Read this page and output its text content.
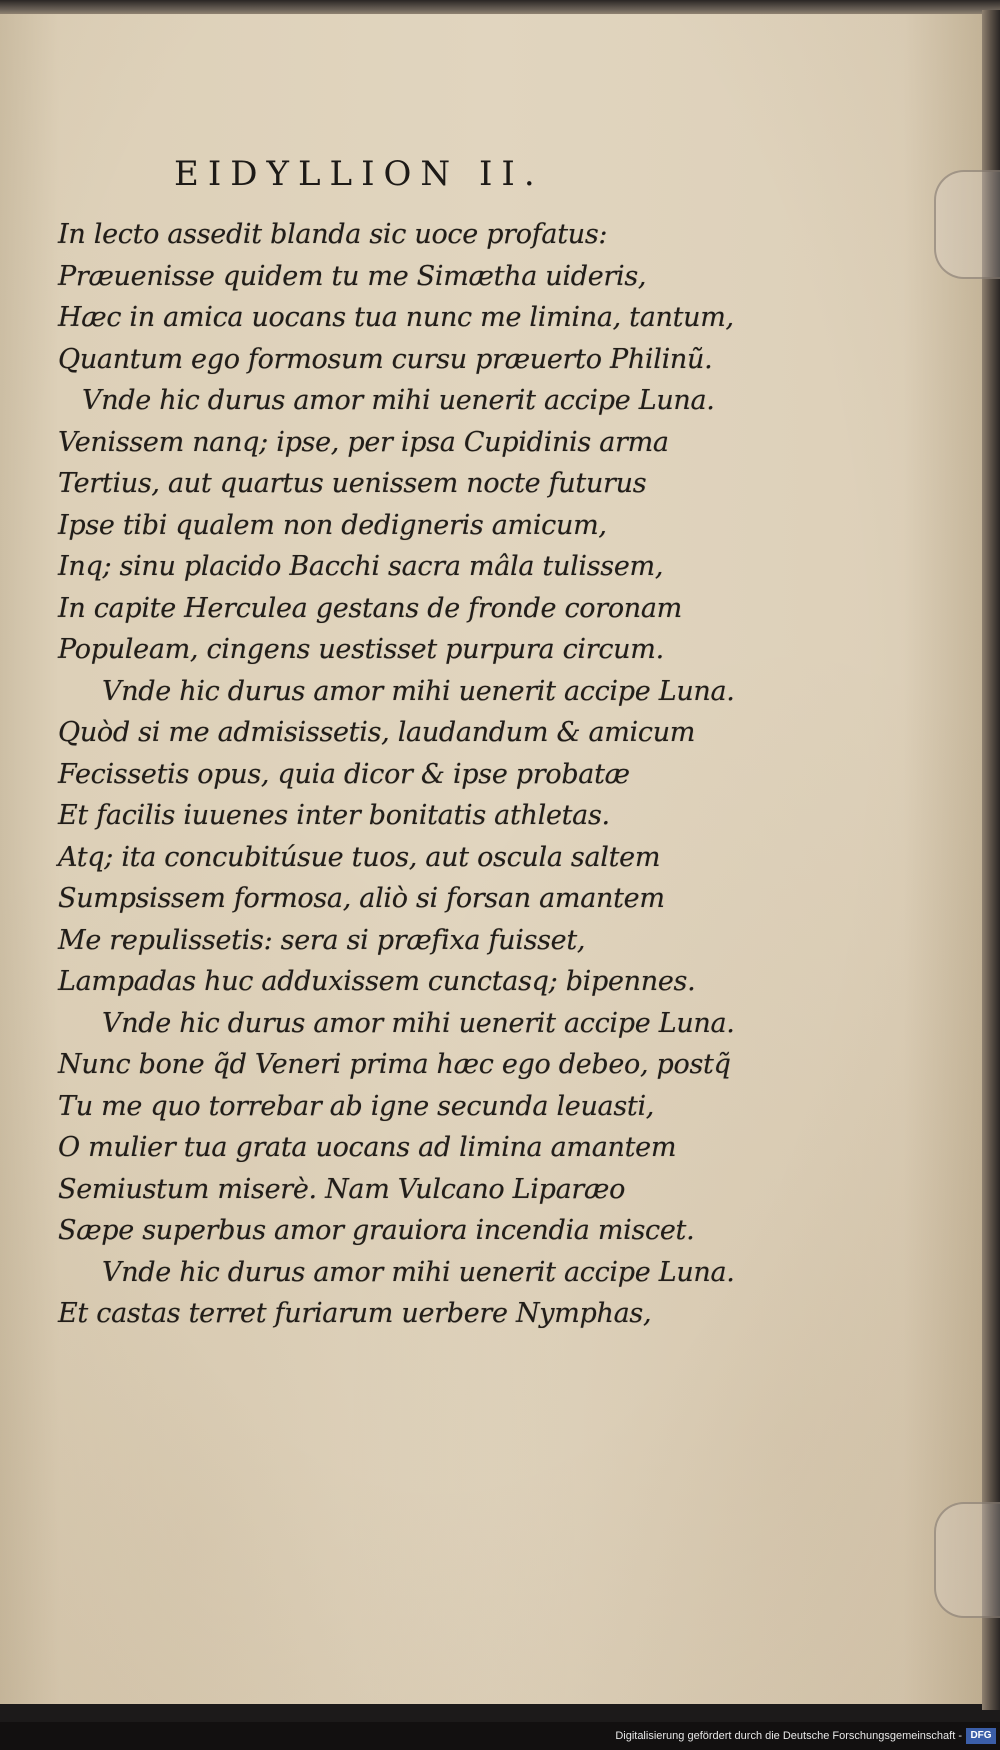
EIDYLLION II.
In lecto assedit blanda sic uoce profatus:
Præuenisse quidem tu me Simætha uideris,
Hæc in amica uocans tua nunc me limina, tantum,
Quantum ego formosum cursu præuerto Philinũ.
Vnde hic durus amor mihi uenerit accipe Luna.
Venissem nanq; ipse, per ipsa Cupidinis arma
Tertius, aut quartus uenissem nocte futurus
Ipse tibi qualem non dedigneris amicum,
Inq; sinu placido Bacchi sacra mâla tulissem,
In capite Herculea gestans de fronde coronam
Populeam, cingens uestisset purpura circum.
Vnde hic durus amor mihi uenerit accipe Luna.
Quòd si me admisissetis, laudandum & amicum
Fecissetis opus, quia dicor & ipse probatæ
Et facilis iuuenes inter bonitatis athletas.
Atq; ita concubitúsue tuos, aut oscula saltem
Sumpsissem formosa, aliò si forsan amantem
Me repulissetis: sera si præfixa fuisset,
Lampadas huc adduxissem cunctasq; bipennes.
Vnde hic durus amor mihi uenerit accipe Luna.
Nunc bone q̃d Veneri prima hæc ego debeo, postq̃
Tu me quo torrebar ab igne secunda leuasti,
O mulier tua grata uocans ad limina amantem
Semiustum miserè. Nam Vulcano Liparæo
Sæpe superbus amor grauiora incendia miscet.
Vnde hic durus amor mihi uenerit accipe Luna.
Et castas terret furiarum uerbere Nymphas,
Digitalisierung gefördert durch die Deutsche Forschungsgemeinschaft - DFG
